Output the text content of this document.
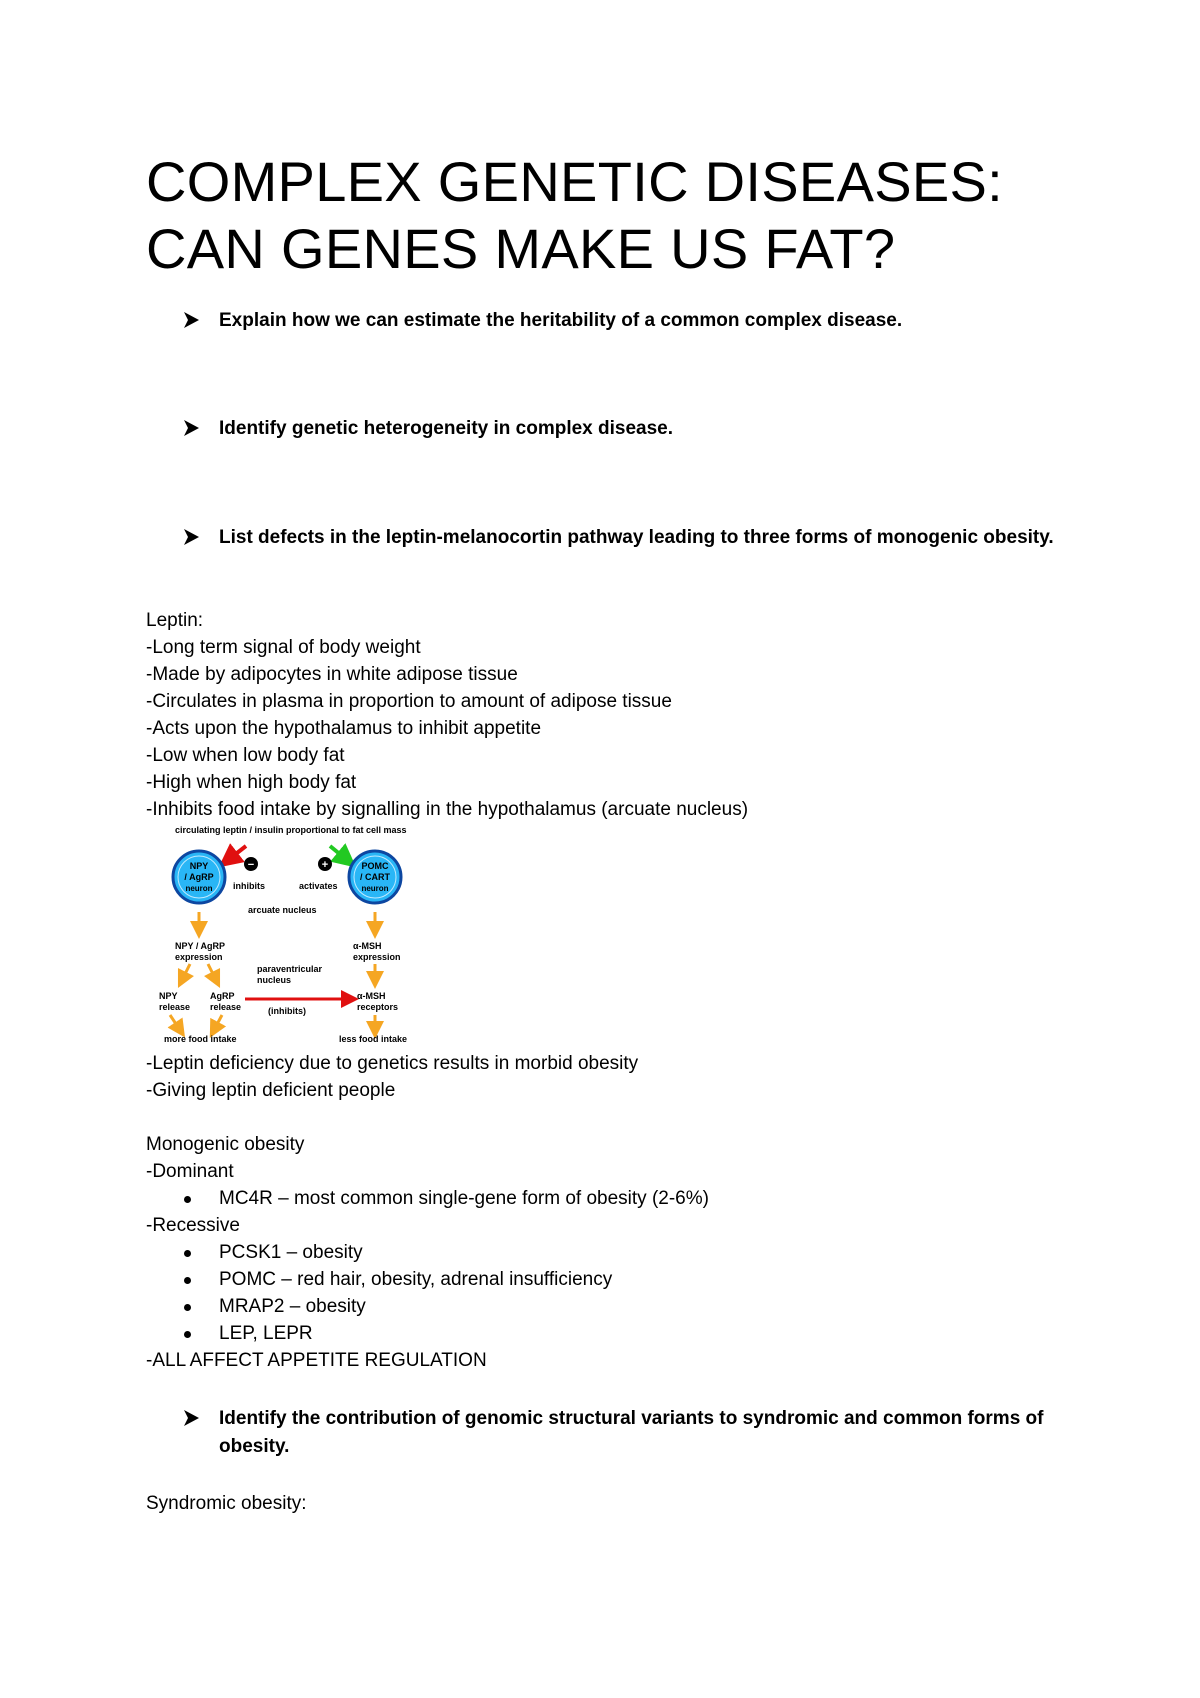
COMPLEX GENETIC DISEASES:
CAN GENES MAKE US FAT?
Explain how we can estimate the heritability of a common complex disease.
Identify genetic heterogeneity in complex disease.
List defects in the leptin-melanocortin pathway leading to three forms of monogenic obesity.
Leptin:
-Long term signal of body weight
-Made by adipocytes in white adipose tissue
-Circulates in plasma in proportion to amount of adipose tissue
-Acts upon the hypothalamus to inhibit appetite
-Low when low body fat
-High when high body fat
-Inhibits food intake by signalling in the hypothalamus (arcuate nucleus)
circulating leptin / insulin proportional to fat cell mass
NPY
/ AgRP
neuron
−
inhibits
+
activates
POMC
/ CART
neuron
arcuate nucleus
NPY / AgRP
expression
α-MSH
expression
paraventricular
nucleus
NPY
release
AgRP
release	(inhibits)
α-MSH
receptors
more food intake	less food intake
-Leptin deficiency due to genetics results in morbid obesity
-Giving leptin deficient people
Monogenic obesity
-Dominant
MC4R – most common single-gene form of obesity (2-6%)
-Recessive
PCSK1 – obesity
POMC – red hair, obesity, adrenal insufficiency
MRAP2 – obesity
LEP, LEPR
-ALL AFFECT APPETITE REGULATION
Identify the contribution of genomic structural variants to syndromic and common forms of obesity.
Syndromic obesity:
